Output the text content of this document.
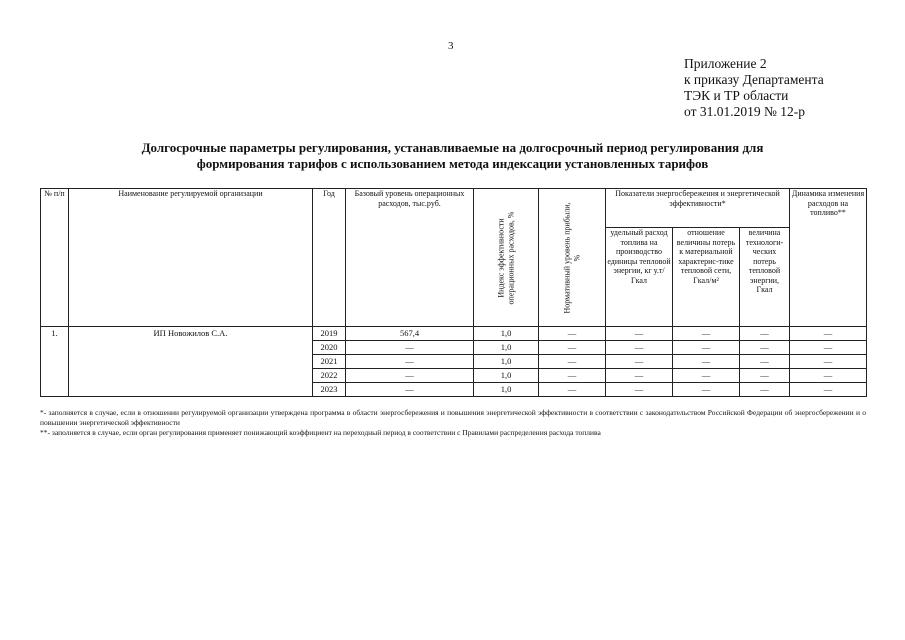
3
Приложение 2
к приказу Департамента
ТЭК и ТР области
от 31.01.2019 № 12-р
Долгосрочные параметры регулирования, устанавливаемые на долгосрочный период регулирования для
формирования тарифов с использованием метода индексации установленных тарифов
№ п/п	Наименование регулируемой организации	Год	Базовый уровень операционных расходов, тыс.руб.	Индекс эффективности операционных расходов, %	Нормативный уровень прибыли, %	Показатели энергосбережения и энергетической эффективности*			Динамика изменения расходов на топливо**
						удельный расход топлива на производство единицы тепловой энергии, кг у.т/Гкал	отношение величины потерь к материальной характерис-тике тепловой сети, Гкал/м²	величина технологи-ческих потерь тепловой энергии, Гкал	
1.	ИП Новожилов С.А.	2019	567,4	1,0	—	—	—	—	—
		2020	—	1,0	—	—	—	—	—
		2021	—	1,0	—	—	—	—	—
		2022	—	1,0	—	—	—	—	—
		2023	—	1,0	—	—	—	—	—

*- заполняется в случае, если в отношении регулируемой организации утверждена программа в области энергосбережения и повышения энергетической эффективности в соответствии с законодательством Российской Федерации об энергосбережении и о повышении энергетической эффективности

**- заполняется в случае, если орган регулирования применяет понижающий коэффициент на переходный период в соответствии с Правилами распределения расхода топлива
